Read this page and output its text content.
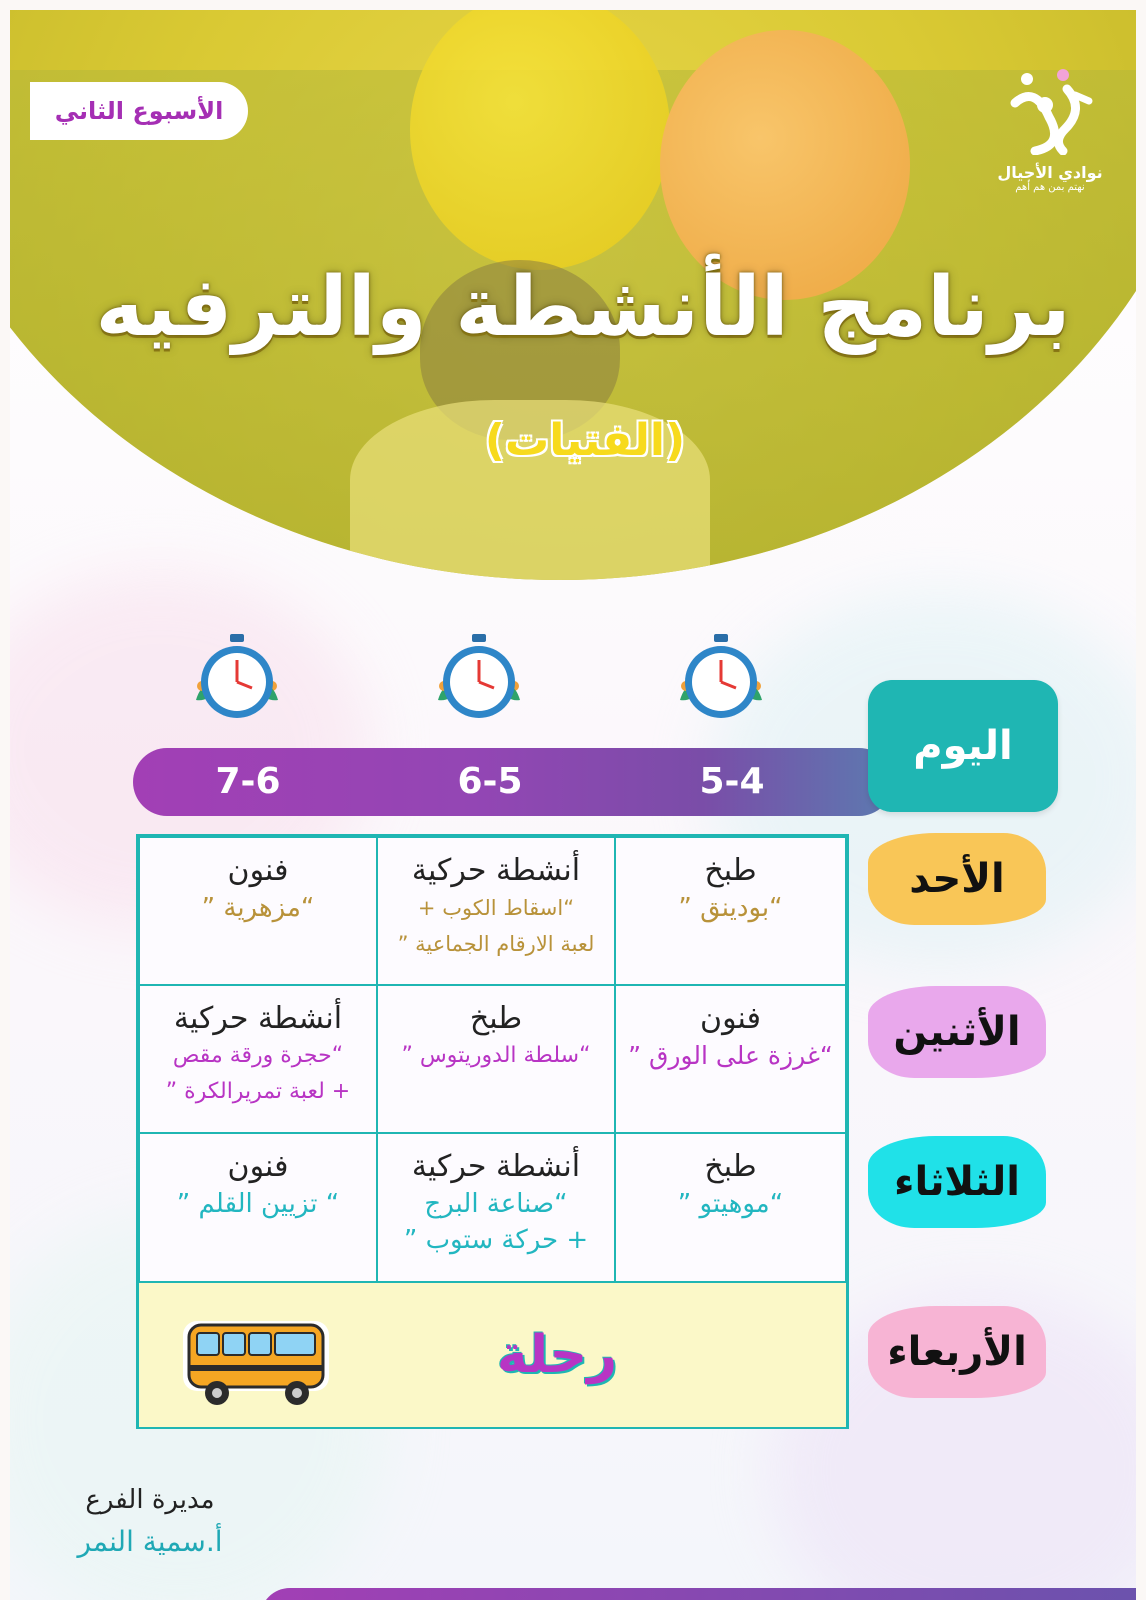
الأسبوع الثاني
نوادي الأجيال
نهتم بمن هم أهم
برنامج الأنشطة والترفيه
(الفتيات)
7-6	6-5	5-4
اليوم
طبخ
“بودينق ”
أنشطة حركية
“اسقاط الكوب +
لعبة الارقام الجماعية ”
فنون
“مزهرية ”
فنون
“غرزة على الورق ”
طبخ
“سلطة الدوريتوس ”
أنشطة حركية
“حجرة ورقة مقص
+ لعبة تمريرالكرة ”
طبخ
“موهيتو ”
أنشطة حركية
“صناعة البرج
+ حركة ستوب ”
فنون
“ تزيين القلم ”
رحلة
الأحد
الأثنين
الثلاثاء
الأربعاء
مديرة الفرع
أ.سمية النمر
